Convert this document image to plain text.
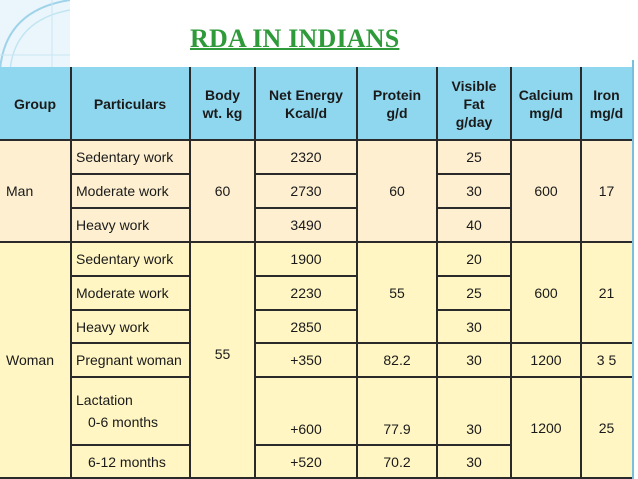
RDA IN INDIANS
Group	Particulars
Body
wt. kg
Net Energy
Kcal/d
Protein
g/d
Visible
Fat
g/day
Calcium
mg/d
Iron
mg/d
Man
Sedentary work
Moderate work
Heavy work
60
2320
2730
3490
60
25
30
40
600	17
Woman
Sedentary work
Moderate work
Heavy work
Pregnant woman
Lactation
0-6 months
6-12 months
55
1900
2230
2850
+350
+600
+520
55
82.2
77.9
70.2
20
25
30
30
30
30
600
1200
1200
21
3 5
25
